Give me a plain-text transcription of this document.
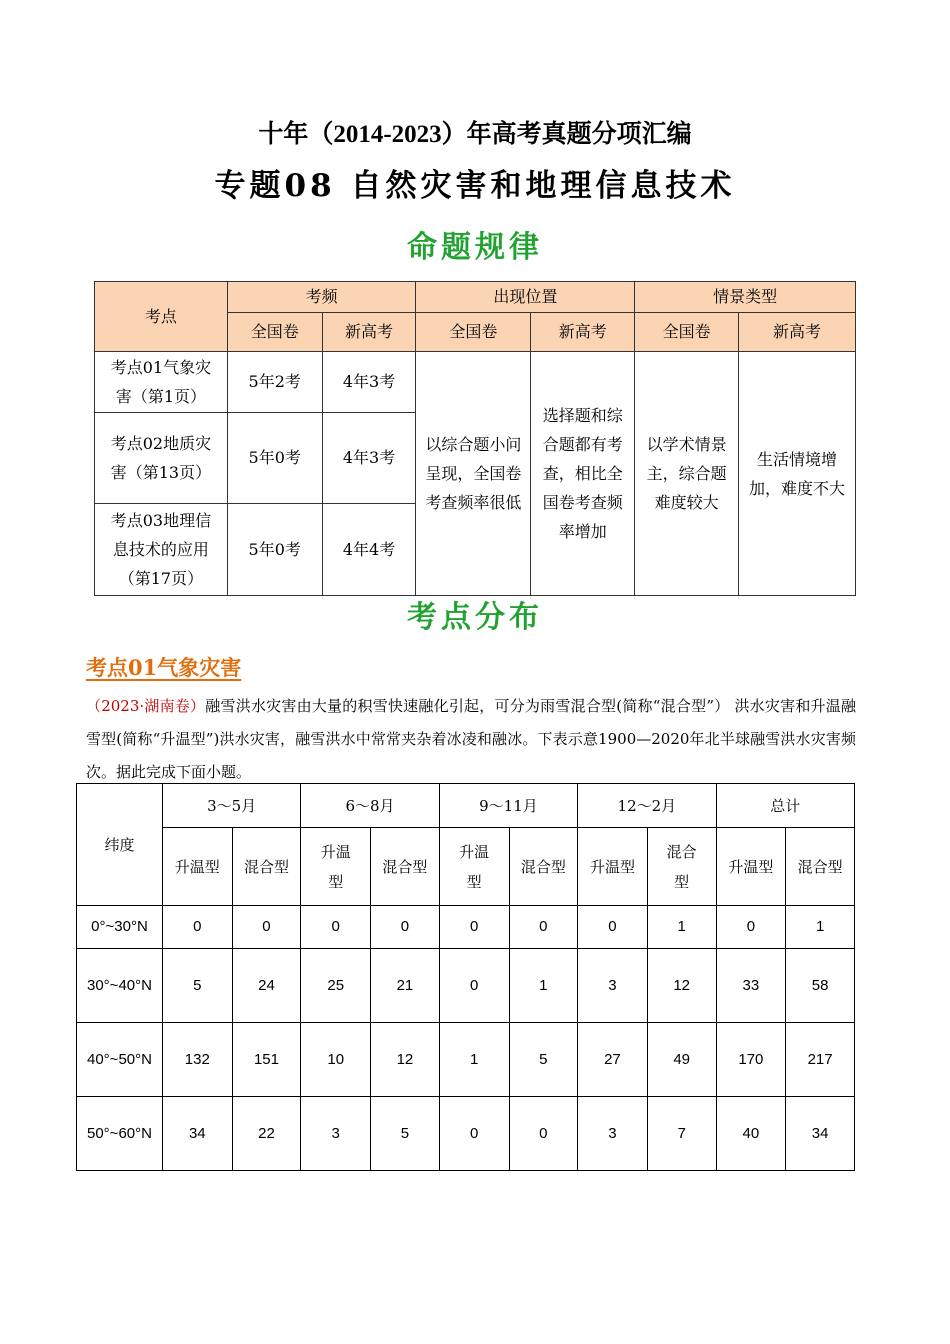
十年（2014-2023）年高考真题分项汇编
专题08 自然灾害和地理信息技术
命题规律
考点	考频		出现位置		情景类型	
	全国卷	新高考	全国卷	新高考	全国卷	新高考
考点01气象灾害（第1页）	5年2考	4年3考	以综合题小问呈现，全国卷考查频率很低	选择题和综合题都有考查，相比全国卷考查频率增加	以学术情景主，综合题难度较大	生活情境增加，难度不大
考点02地质灾害（第13页）	5年0考	4年3考				
考点03地理信息技术的应用（第17页）	5年0考	4年4考				
考点分布
考点01气象灾害
（2023·湖南卷）融雪洪水灾害由大量的积雪快速融化引起，可分为雨雪混合型(简称“混合型”） 洪水灾害和升温融雪型(简称“升温型”)洪水灾害，融雪洪水中常常夹杂着冰凌和融冰。下表示意1900—2020年北半球融雪洪水灾害频次。据此完成下面小题。
纬度	3～5月		6～8月		9～11月		12～2月		总计	
	升温型	混合型	升温型	混合型	升温型	混合型	升温型	混合型	升温型	混合型
0°~30°N	0	0	0	0	0	0	0	1	0	1
30°~40°N	5	24	25	21	0	1	3	12	33	58
40°~50°N	132	151	10	12	1	5	27	49	170	217
50°~60°N	34	22	3	5	0	0	3	7	40	34
